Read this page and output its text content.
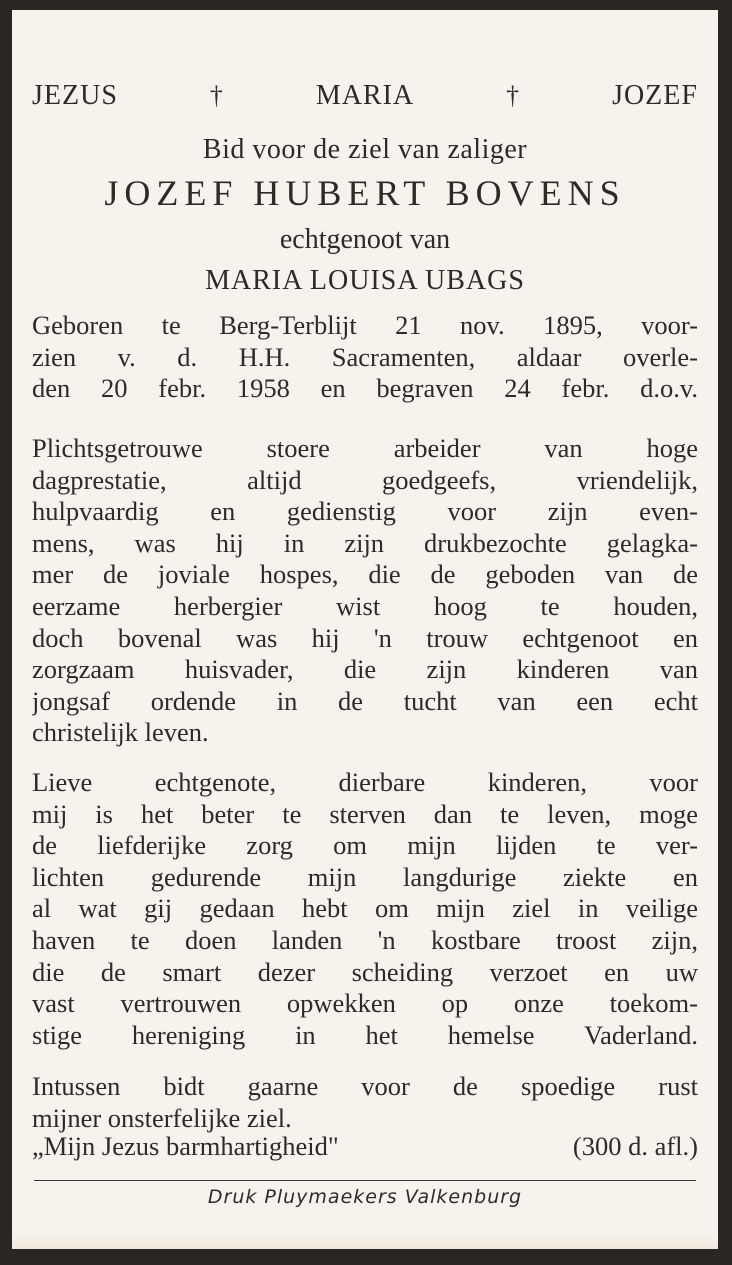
JEZUS	†	MARIA	†	JOZEF
Bid voor de ziel van zaliger
JOZEF HUBERT BOVENS
echtgenoot van
MARIA LOUISA UBAGS
Geboren te Berg-Terblijt 21 nov. 1895, voor-
zien v. d. H.H. Sacramenten, aldaar overle-
den 20 febr. 1958 en begraven 24 febr. d.o.v.
Plichtsgetrouwe stoere arbeider van hoge
dagprestatie, altijd goedgeefs, vriendelijk,
hulpvaardig en gedienstig voor zijn even-
mens, was hij in zijn drukbezochte gelagka-
mer de joviale hospes, die de geboden van de
eerzame herbergier wist hoog te houden,
doch bovenal was hij 'n trouw echtgenoot en
zorgzaam huisvader, die zijn kinderen van
jongsaf ordende in de tucht van een echt
christelijk leven.
Lieve echtgenote, dierbare kinderen, voor
mij is het beter te sterven dan te leven, moge
de liefderijke zorg om mijn lijden te ver-
lichten gedurende mijn langdurige ziekte en
al wat gij gedaan hebt om mijn ziel in veilige
haven te doen landen 'n kostbare troost zijn,
die de smart dezer scheiding verzoet en uw
vast vertrouwen opwekken op onze toekom-
stige hereniging in het hemelse Vaderland.
Intussen bidt gaarne voor de spoedige rust
mijner onsterfelijke ziel.
„Mijn Jezus barmhartigheid"	(300 d. afl.)
Druk Pluymaekers Valkenburg
